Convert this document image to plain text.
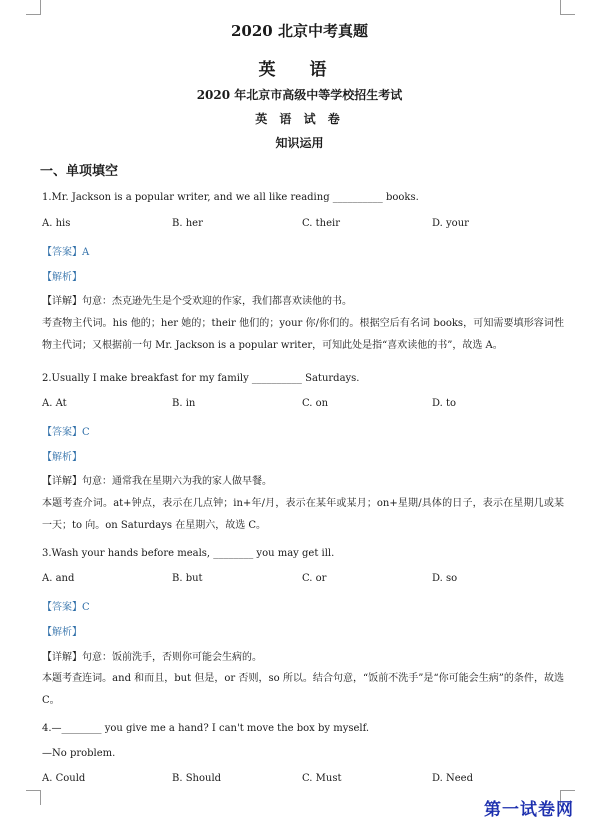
2020 北京中考真题
英 语
2020 年北京市高级中等学校招生考试
英 语 试 卷
知识运用
一、单项填空
1.Mr. Jackson is a popular writer, and we all like reading __________ books.
A. his	B. her	C. their	D. your
【答案】A
【解析】
【详解】句意：杰克逊先生是个受欢迎的作家，我们都喜欢读他的书。
考查物主代词。his 他的；her 她的；their 他们的；your 你/你们的。根据空后有名词 books，可知需要填形容词性物主代词；又根据前一句 Mr. Jackson is a popular writer，可知此处是指“喜欢读他的书”，故选 A。
2.Usually I make breakfast for my family __________ Saturdays.
A. At	B. in	C. on	D. to
【答案】C
【解析】
【详解】句意：通常我在星期六为我的家人做早餐。
本题考查介词。at+钟点，表示在几点钟；in+年/月，表示在某年或某月；on+星期/具体的日子，表示在星期几或某一天；to 向。on Saturdays 在星期六，故选 C。
3.Wash your hands before meals, ________ you may get ill.
A. and	B. but	C. or	D. so
【答案】C
【解析】
【详解】句意：饭前洗手，否则你可能会生病的。
本题考查连词。and 和而且，but 但是，or 否则，so 所以。结合句意，“饭前不洗手”是“你可能会生病”的条件，故选 C。
4.—________ you give me a hand? I can't move the box by myself.
—No problem.
A. Could	B. Should	C. Must	D. Need
第一试卷网
